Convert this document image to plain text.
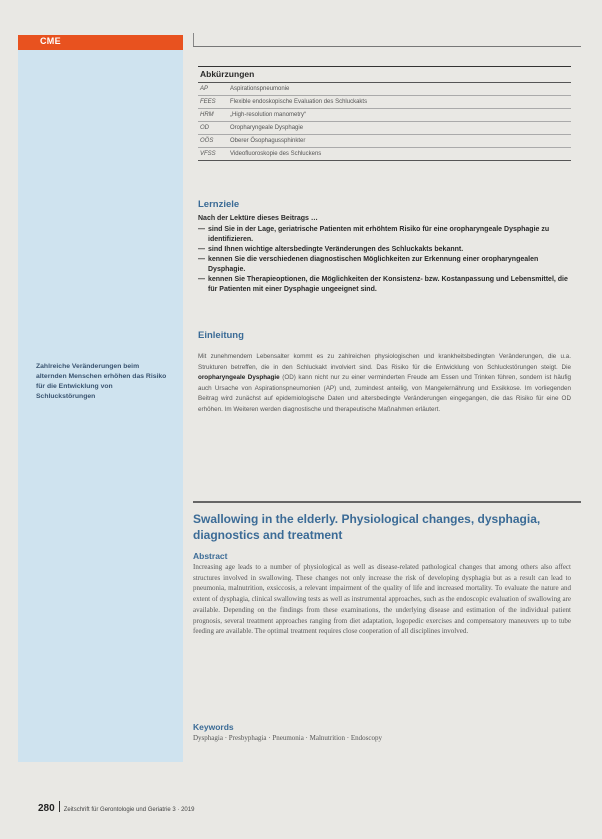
CME
Zahlreiche Veränderungen beim alternden Menschen erhöhen das Risiko für die Entwicklung von Schluckstörungen
Abkürzungen
AP	Aspirationspneumonie
FEES	Flexible endoskopische Evaluation des Schluckakts
HRM	„High-resolution manometry“
OD	Oropharyngeale Dysphagie
OÖS	Oberer Ösophagussphinkter
VFSS	Videofluoroskopie des Schluckens
Lernziele
Nach der Lektüre dieses Beitrags …
— sind Sie in der Lage, geriatrische Patienten mit erhöhtem Risiko für eine oropharyngeale Dysphagie zu identifizieren.
— sind Ihnen wichtige altersbedingte Veränderungen des Schluckakts bekannt.
— kennen Sie die verschiedenen diagnostischen Möglichkeiten zur Erkennung einer oropharyngealen Dysphagie.
— kennen Sie Therapieoptionen, die Möglichkeiten der Konsistenz- bzw. Kostanpassung und Lebensmittel, die für Patienten mit einer Dysphagie ungeeignet sind.
Einleitung
Mit zunehmendem Lebensalter kommt es zu zahlreichen physiologischen und krankheitsbedingten Veränderungen, die u.a. Strukturen betreffen, die in den Schluckakt involviert sind. Das Risiko für die Entwicklung von Schluckstörungen steigt. Die oropharyngeale Dysphagie (OD) kann nicht nur zu einer verminderten Freude am Essen und Trinken führen, sondern ist häufig auch Ursache von Aspirationspneumonien (AP) und, zumindest anteilig, von Mangelernährung und Exsikkose. Im vorliegenden Beitrag wird zunächst auf epidemiologische Daten und altersbedingte Veränderungen eingegangen, die das Risiko für eine OD erhöhen. Im Weiteren werden diagnostische und therapeutische Maßnahmen erläutert.
Swallowing in the elderly. Physiological changes, dysphagia, diagnostics and treatment
Abstract
Increasing age leads to a number of physiological as well as disease-related pathological changes that among others also affect structures involved in swallowing. These changes not only increase the risk of developing dysphagia but as a result can lead to pneumonia, malnutrition, exsiccosis, a relevant impairment of the quality of life and increased mortality. To evaluate the nature and extent of dysphagia, clinical swallowing tests as well as instrumental approaches, such as the endoscopic evaluation of swallowing are available. Depending on the findings from these examinations, the underlying disease and estimation of the individual patient prognosis, several treatment approaches ranging from diet adaptation, logopedic exercises and compensatory maneuvers up to tube feeding are available. The optimal treatment requires close cooperation of all disciplines involved.
Keywords
Dysphagia · Presbyphagia · Pneumonia · Malnutrition · Endoscopy
280 Zeitschrift für Gerontologie und Geriatrie 3 · 2019
